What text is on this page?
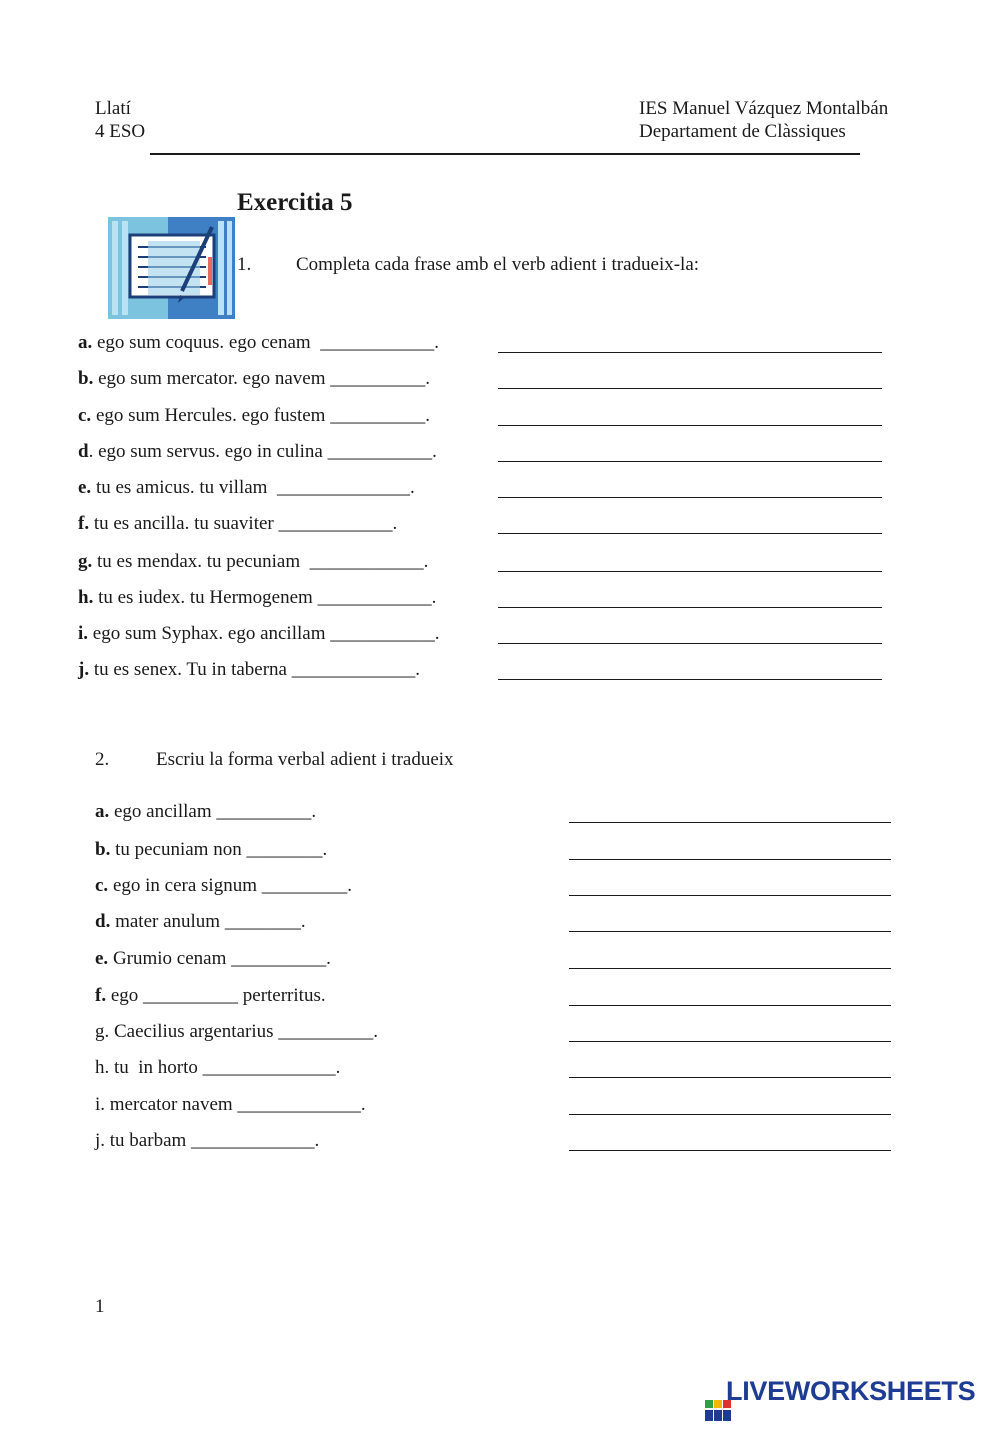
Llatí
4 ESO
IES Manuel Vázquez Montalbán
Departament de Clàssiques

Exercitia 5
1. Completa cada frase amb el verb adient i tradueix-la:
a. ego sum coquus. ego cenam  ____________.
b. ego sum mercator. ego navem __________.
c. ego sum Hercules. ego fustem __________.
d. ego sum servus. ego in culina ___________.
e. tu es amicus. tu villam  ______________.
f. tu es ancilla. tu suaviter ____________.
g. tu es mendax. tu pecuniam  ____________.
h. tu es iudex. tu Hermogenem ____________.
i. ego sum Syphax. ego ancillam ___________.
j. tu es senex. Tu in taberna _____________.
2. Escriu la forma verbal adient i tradueix
a. ego ancillam __________.
b. tu pecuniam non ________.
c. ego in cera signum _________.
d. mater anulum ________.
e. Grumio cenam __________.
f. ego __________ perterritus.
g. Caecilius argentarius __________.
h. tu  in horto ______________.
i. mercator navem _____________.
j. tu barbam _____________.
1

LIVEWORKSHEETS
